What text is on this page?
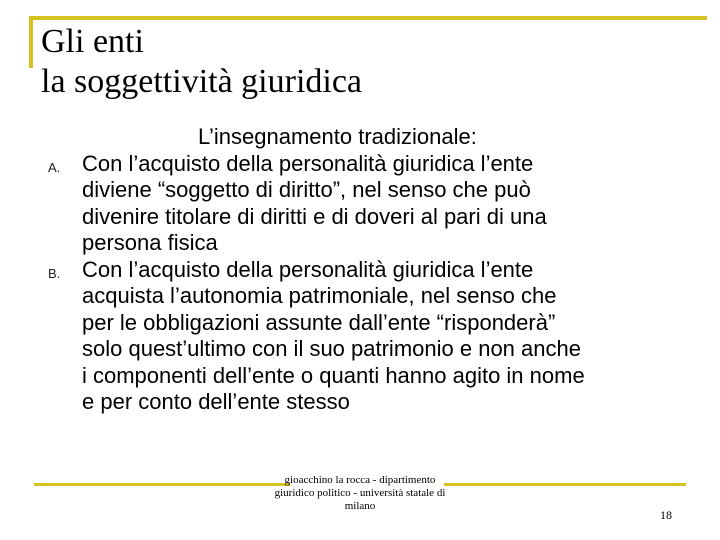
Gli enti
la soggettività giuridica
L’insegnamento tradizionale:
A. Con l’acquisto della personalità giuridica l’ente
diviene “soggetto di diritto”, nel senso che può
divenire titolare di diritti e di doveri al pari di una
persona fisica
B. Con l’acquisto della personalità giuridica l’ente
acquista l’autonomia patrimoniale, nel senso che
per le obbligazioni assunte dall’ente “risponderà”
solo quest’ultimo con il suo patrimonio e non anche
i componenti dell’ente o quanti hanno agito in nome
e per conto dell’ente stesso
gioacchino la rocca - dipartimento
giuridico politico - università statale di
milano
18
